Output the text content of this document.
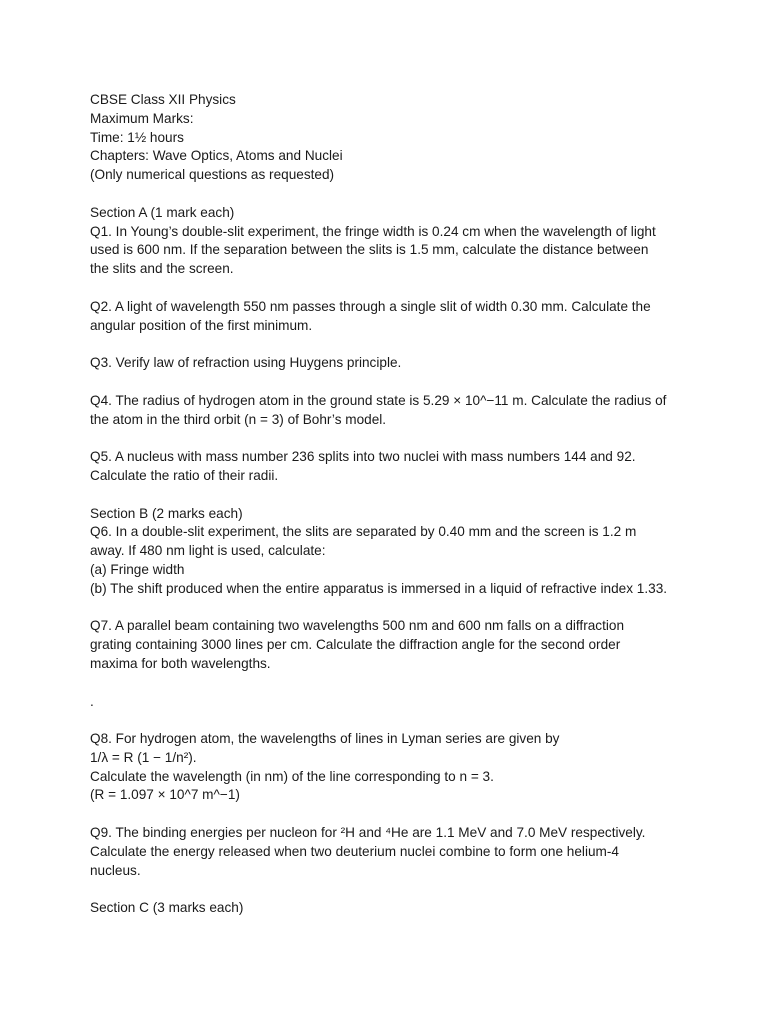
CBSE Class XII Physics
Maximum Marks:
Time: 1½ hours
Chapters: Wave Optics, Atoms and Nuclei
(Only numerical questions as requested)
Section A (1 mark each)
Q1. In Young’s double-slit experiment, the fringe width is 0.24 cm when the wavelength of light
used is 600 nm. If the separation between the slits is 1.5 mm, calculate the distance between
the slits and the screen.
Q2. A light of wavelength 550 nm passes through a single slit of width 0.30 mm. Calculate the
angular position of the first minimum.
Q3. Verify law of refraction using Huygens principle.
Q4. The radius of hydrogen atom in the ground state is 5.29 × 10^−11 m. Calculate the radius of
the atom in the third orbit (n = 3) of Bohr’s model.
Q5. A nucleus with mass number 236 splits into two nuclei with mass numbers 144 and 92.
Calculate the ratio of their radii.
Section B (2 marks each)
Q6. In a double-slit experiment, the slits are separated by 0.40 mm and the screen is 1.2 m
away. If 480 nm light is used, calculate:
(a) Fringe width
(b) The shift produced when the entire apparatus is immersed in a liquid of refractive index 1.33.
Q7. A parallel beam containing two wavelengths 500 nm and 600 nm falls on a diffraction
grating containing 3000 lines per cm. Calculate the diffraction angle for the second order
maxima for both wavelengths.
.
Q8. For hydrogen atom, the wavelengths of lines in Lyman series are given by
1/λ = R (1 − 1/n²).
Calculate the wavelength (in nm) of the line corresponding to n = 3.
(R = 1.097 × 10^7 m^−1)
Q9. The binding energies per nucleon for ²H and ⁴He are 1.1 MeV and 7.0 MeV respectively.
Calculate the energy released when two deuterium nuclei combine to form one helium-4
nucleus.
Section C (3 marks each)
